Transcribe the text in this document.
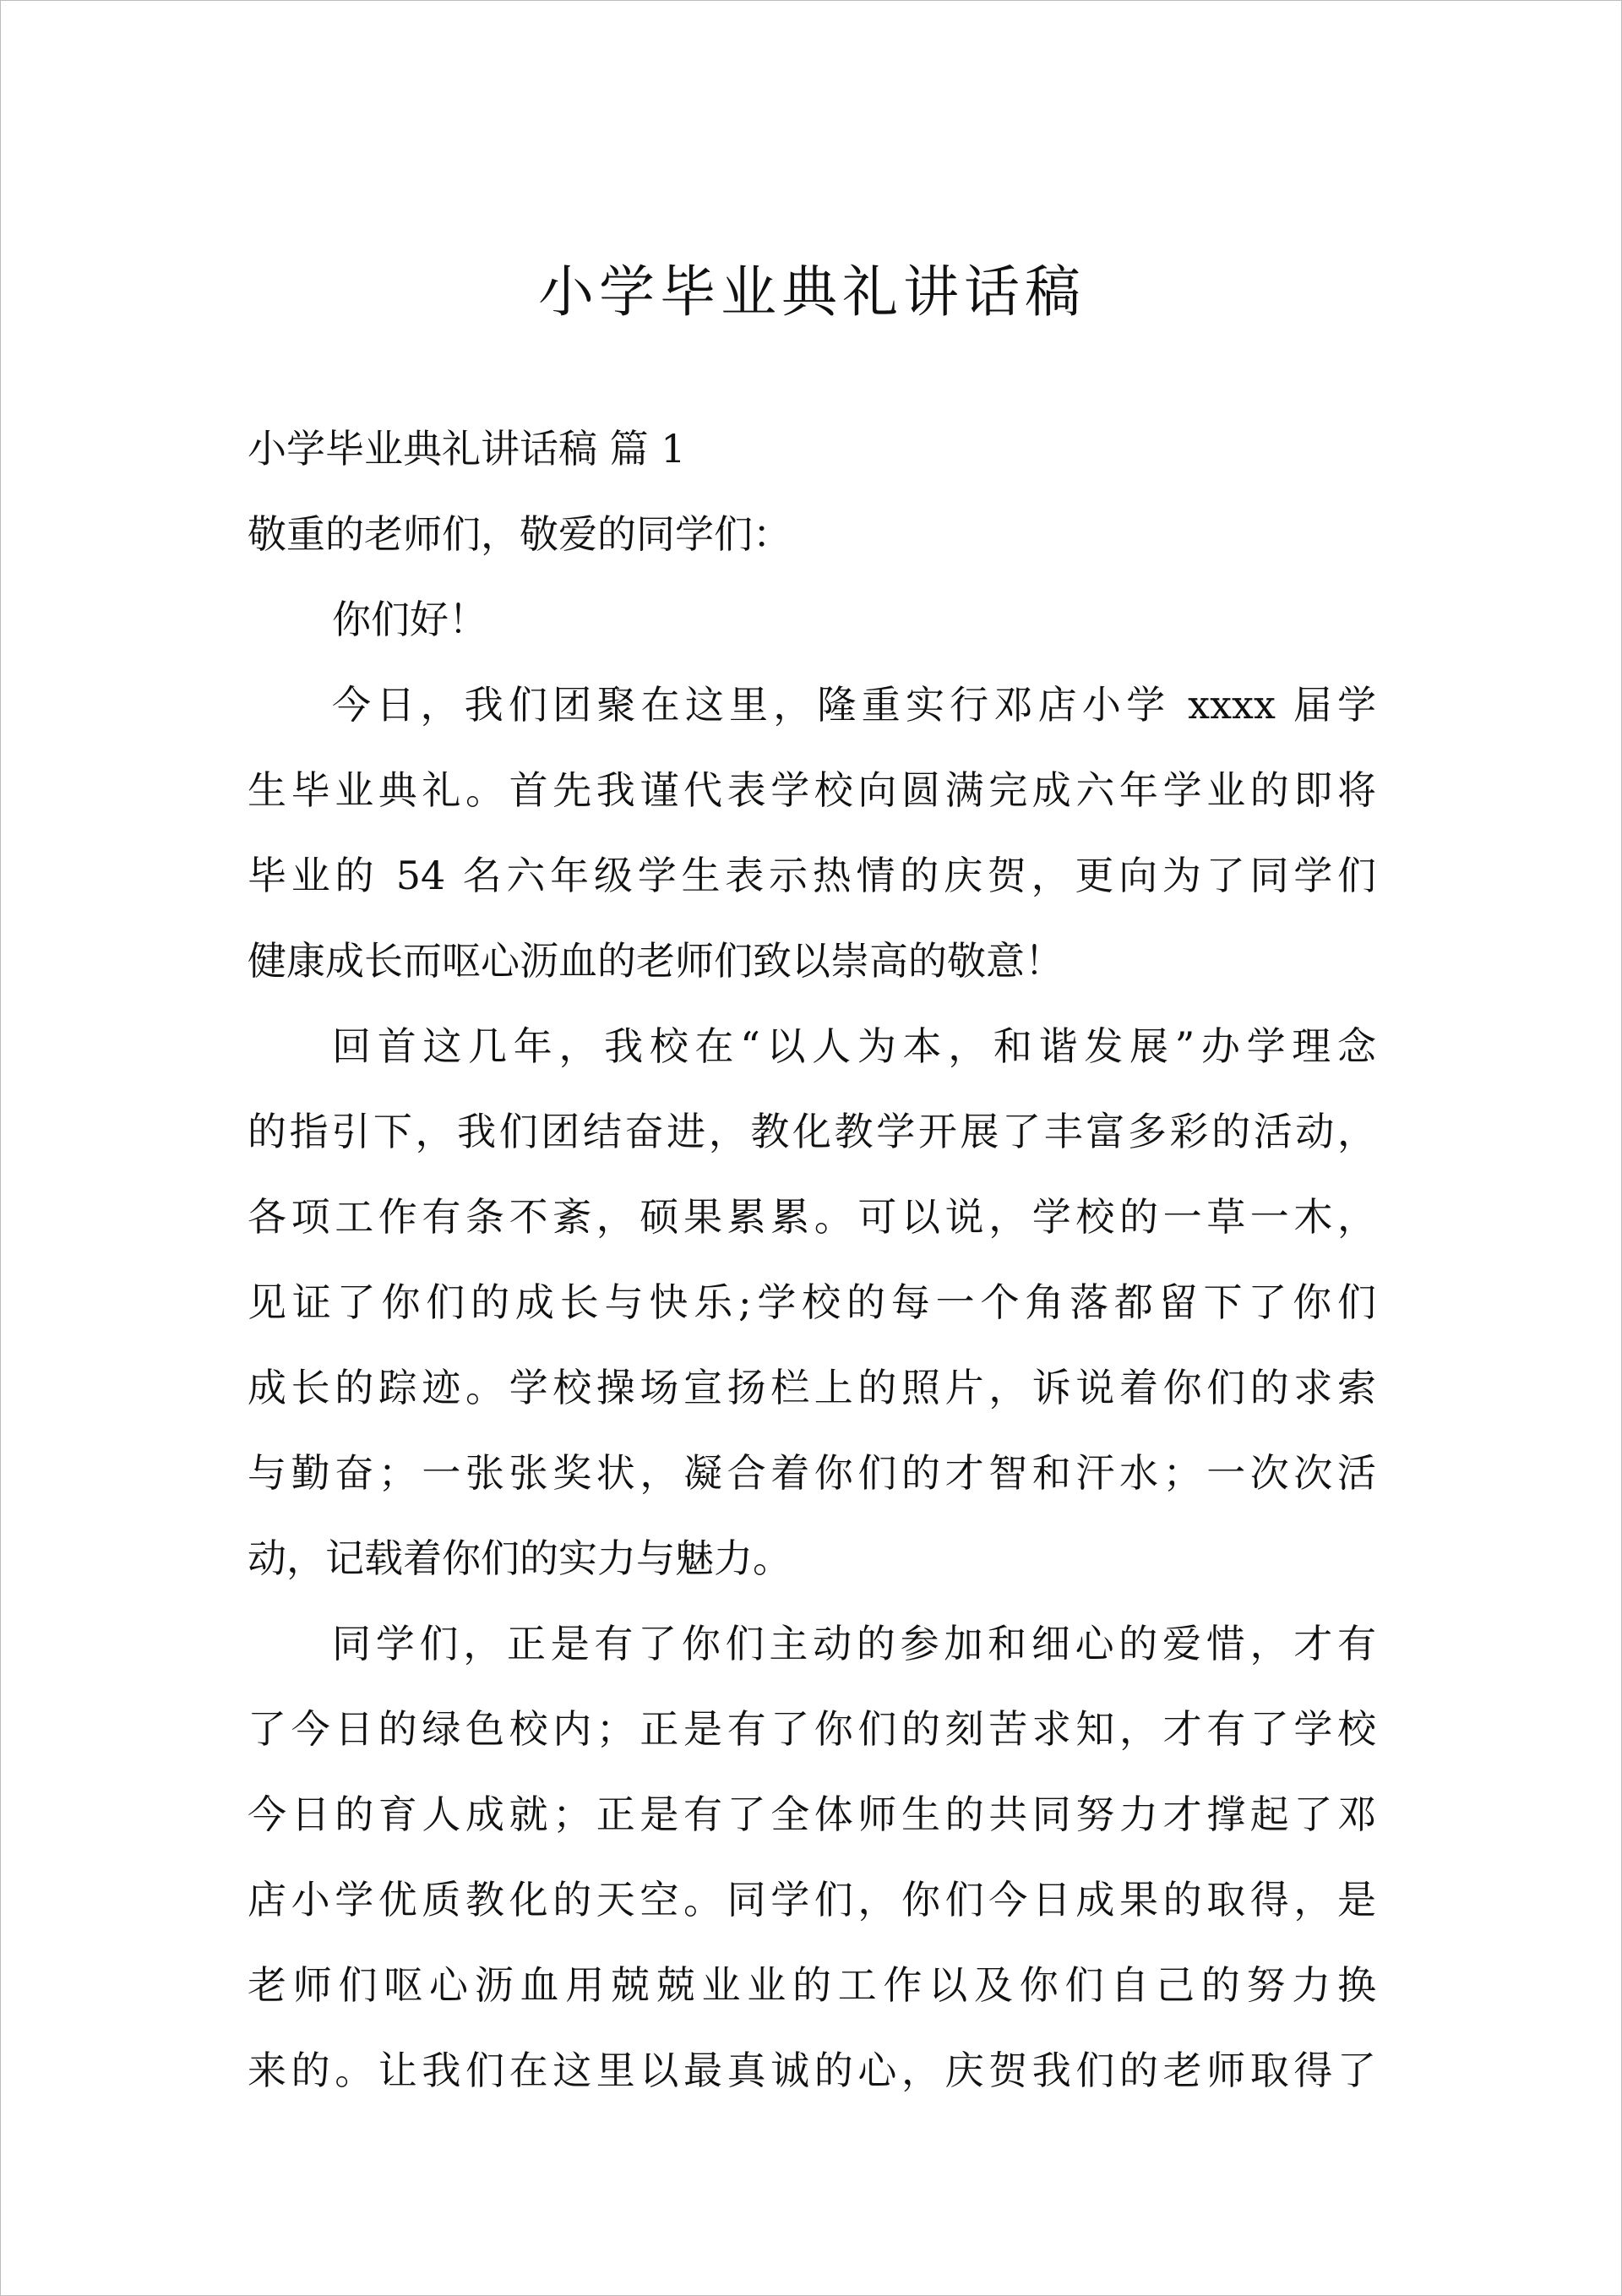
小学毕业典礼讲话稿
小学毕业典礼讲话稿 篇 1
敬重的老师们，敬爱的同学们：
你们好！
今日，我们团聚在这里，隆重实行邓店小学 xxxx 届学
生毕业典礼。首先我谨代表学校向圆满完成六年学业的即将
毕业的 54 名六年级学生表示热情的庆贺，更向为了同学们
健康成长而呕心沥血的老师们致以崇高的敬意！
回首这几年，我校在“以人为本，和谐发展”办学理念
的指引下，我们团结奋进，教化教学开展了丰富多彩的活动，
各项工作有条不紊，硕果累累。可以说，学校的一草一木，
见证了你们的成长与快乐;学校的每一个角落都留下了你们
成长的踪迹。学校操场宣扬栏上的照片，诉说着你们的求索
与勤奋；一张张奖状，凝合着你们的才智和汗水；一次次活
动，记载着你们的实力与魅力。
同学们，正是有了你们主动的参加和细心的爱惜，才有
了今日的绿色校内；正是有了你们的刻苦求知，才有了学校
今日的育人成就；正是有了全体师生的共同努力才撑起了邓
店小学优质教化的天空。同学们，你们今日成果的取得，是
老师们呕心沥血用兢兢业业的工作以及你们自己的努力换
来的。让我们在这里以最真诚的心，庆贺我们的老师取得了
